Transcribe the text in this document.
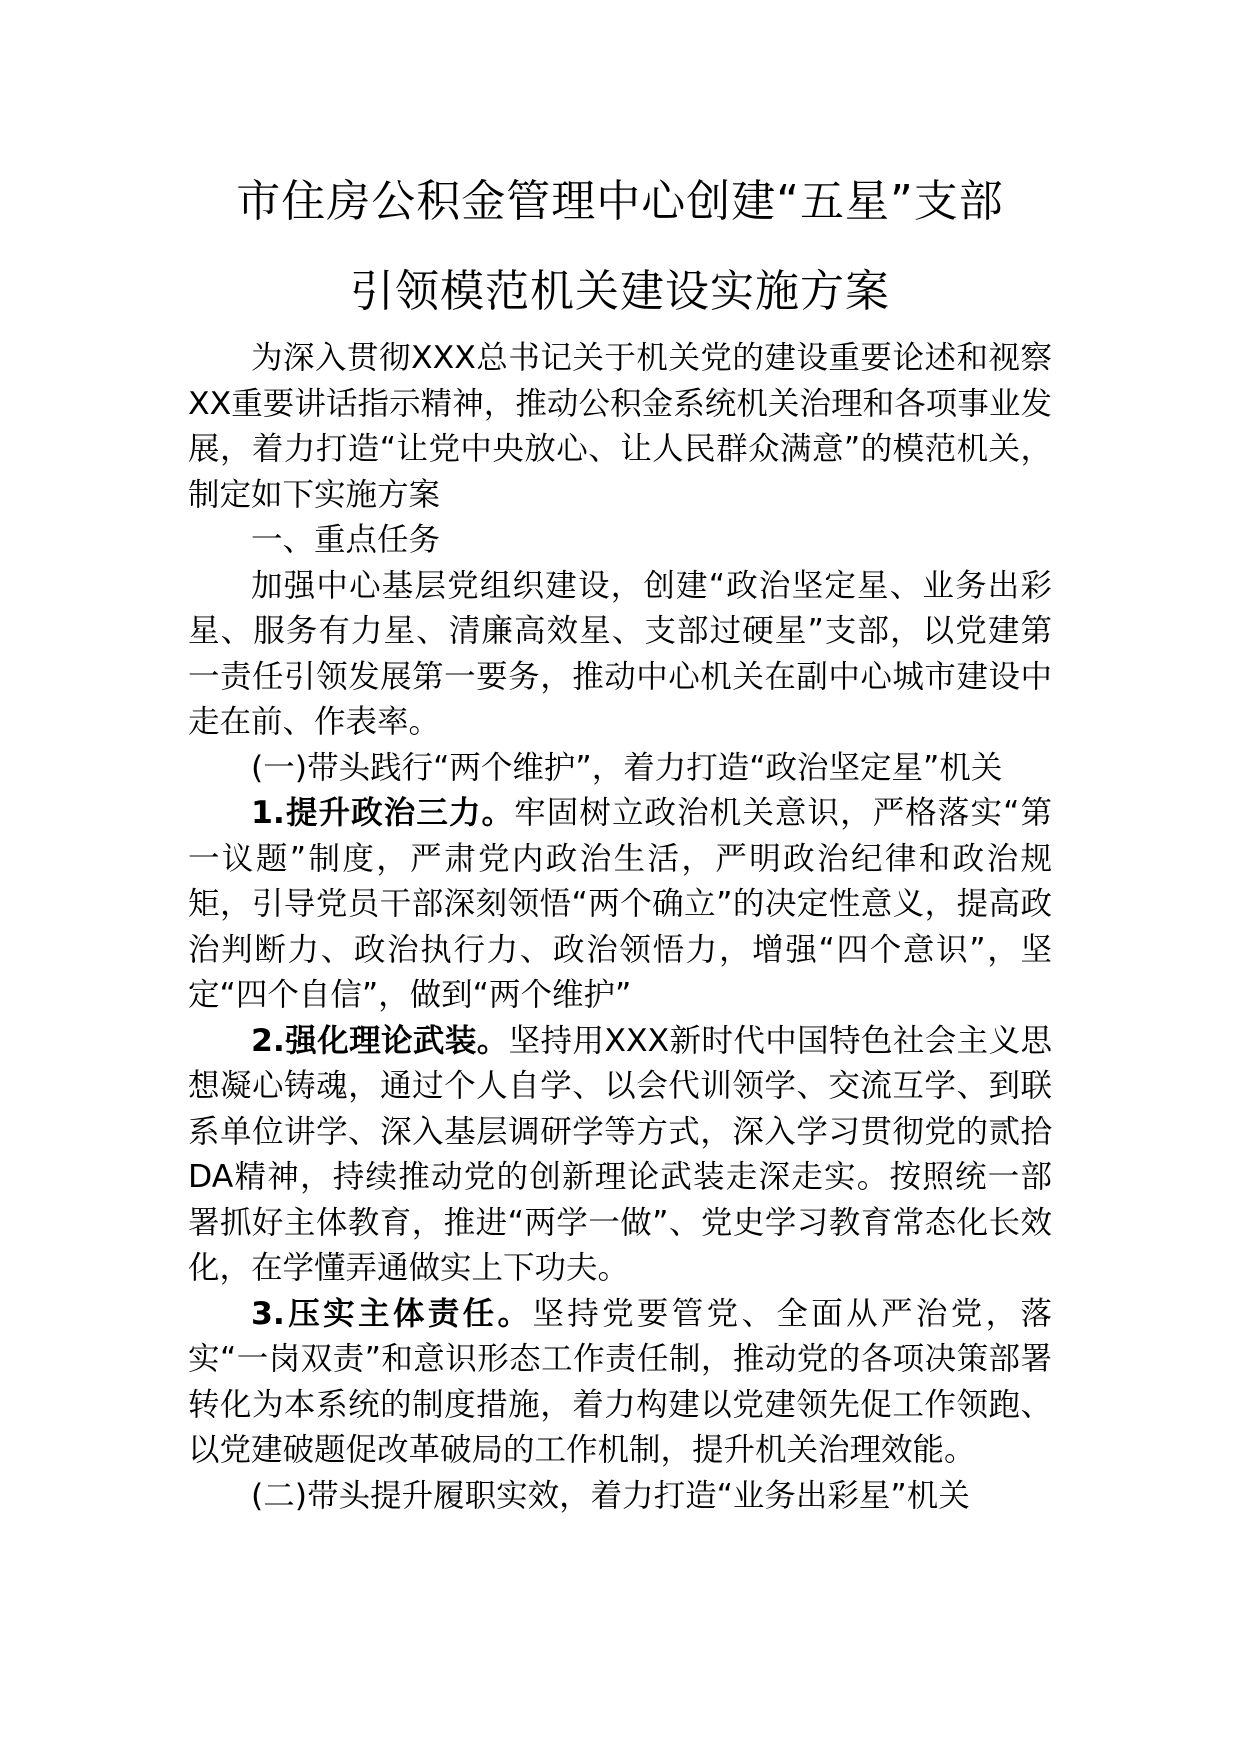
市住房公积金管理中心创建“五星”支部
引领模范机关建设实施方案

为深入贯彻XXX总书记关于机关党的建设重要论述和视察XX重要讲话指示精神，推动公积金系统机关治理和各项事业发展，着力打造“让党中央放心、让人民群众满意”的模范机关，制定如下实施方案

一、重点任务

加强中心基层党组织建设，创建“政治坚定星、业务出彩星、服务有力星、清廉高效星、支部过硬星”支部，以党建第一责任引领发展第一要务，推动中心机关在副中心城市建设中走在前、作表率。

(一)带头践行“两个维护”，着力打造“政治坚定星”机关

1.提升政治三力。牢固树立政治机关意识，严格落实“第一议题”制度，严肃党内政治生活，严明政治纪律和政治规矩，引导党员干部深刻领悟“两个确立”的决定性意义，提高政治判断力、政治执行力、政治领悟力，增强“四个意识”，坚定“四个自信”，做到“两个维护”

2.强化理论武装。坚持用XXX新时代中国特色社会主义思想凝心铸魂，通过个人自学、以会代训领学、交流互学、到联系单位讲学、深入基层调研学等方式，深入学习贯彻党的贰拾DA精神，持续推动党的创新理论武装走深走实。按照统一部署抓好主体教育，推进“两学一做”、党史学习教育常态化长效化，在学懂弄通做实上下功夫。

3.压实主体责任。坚持党要管党、全面从严治党，落实“一岗双责”和意识形态工作责任制，推动党的各项决策部署转化为本系统的制度措施，着力构建以党建领先促工作领跑、以党建破题促改革破局的工作机制，提升机关治理效能。

(二)带头提升履职实效，着力打造“业务出彩星”机关
